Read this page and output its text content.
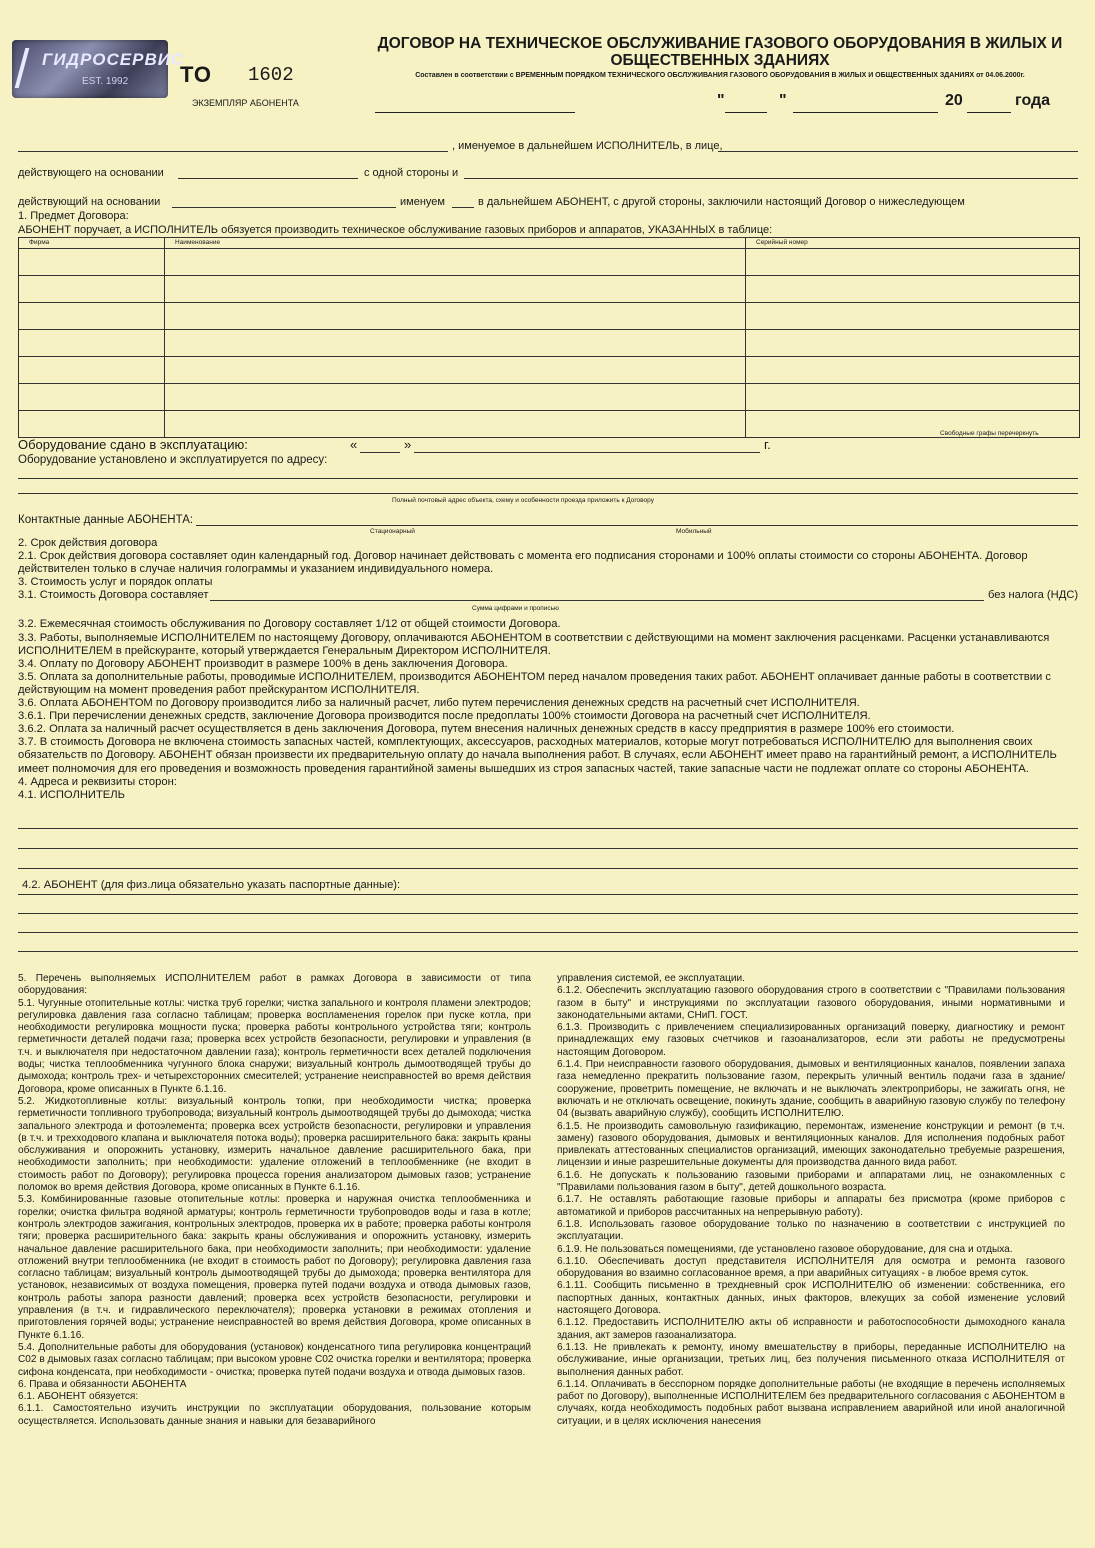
ГИДРОСЕРВИС
EST. 1992 ТО 1602
ЭКЗЕМПЛЯР АБОНЕНТА
ДОГОВОР НА ТЕХНИЧЕСКОЕ ОБСЛУЖИВАНИЕ ГАЗОВОГО ОБОРУДОВАНИЯ В ЖИЛЫХ И ОБЩЕСТВЕННЫХ ЗДАНИЯХ
Составлен в соответствии с ВРЕМЕННЫМ ПОРЯДКОМ ТЕХНИЧЕСКОГО ОБСЛУЖИВАНИЯ ГАЗОВОГО ОБОРУДОВАНИЯ В ЖИЛЫХ И ОБЩЕСТВЕННЫХ ЗДАНИЯХ от 04.06.2000г.
"	"	20	года
, именуемое в дальнейшем ИСПОЛНИТЕЛЬ, в лице,
действующего на основании	с одной стороны и
действующий на основании	именуем	в дальнейшем АБОНЕНТ, с другой стороны, заключили настоящий Договор о нижеследующем
1. Предмет Договора:
АБОНЕНТ поручает, а ИСПОЛНИТЕЛЬ обязуется производить техническое обслуживание газовых приборов и аппаратов, УКАЗАННЫХ в таблице:
Фирма	Наименование	Серийный номер

Свободные графы перечеркнуть
Оборудование сдано в эксплуатацию:	«	»	г.
Оборудование установлено и эксплуатируется по адресу:
Полный почтовый адрес объекта, схему и особенности проезда приложить к Договору
Контактные данные АБОНЕНТА:
Стационарный	Мобильный
2. Срок действия договора
2.1. Срок действия договора составляет один календарный год. Договор начинает действовать с момента его подписания сторонами и 100% оплаты стоимости со стороны АБОНЕНТА. Договор действителен только в случае наличия голограммы и указанием индивидуального номера.
3. Стоимость услуг и порядок оплаты
3.1. Стоимость Договора составляет	без налога (НДС)
Сумма цифрами и прописью
3.2. Ежемесячная стоимость обслуживания по Договору составляет 1/12 от общей стоимости Договора.
3.3. Работы, выполняемые ИСПОЛНИТЕЛЕМ по настоящему Договору, оплачиваются АБОНЕНТОМ в соответствии с действующими на момент заключения расценками. Расценки устанавливаются ИСПОЛНИТЕЛЕМ в прейскуранте, который утверждается Генеральным Директором ИСПОЛНИТЕЛЯ.
3.4. Оплату по Договору АБОНЕНТ производит в размере 100% в день заключения Договора.
3.5. Оплата за дополнительные работы, проводимые ИСПОЛНИТЕЛЕМ, производится АБОНЕНТОМ перед началом проведения таких работ. АБОНЕНТ оплачивает данные работы в соответствии с действующим на момент проведения работ прейскурантом ИСПОЛНИТЕЛЯ.
3.6. Оплата АБОНЕНТОМ по Договору производится либо за наличный расчет, либо путем перечисления денежных средств на расчетный счет ИСПОЛНИТЕЛЯ.
3.6.1. При перечислении денежных средств, заключение Договора производится после предоплаты 100% стоимости Договора на расчетный счет ИСПОЛНИТЕЛЯ.
3.6.2. Оплата за наличный расчет осуществляется в день заключения Договора, путем внесения наличных денежных средств в кассу предприятия в размере 100% его стоимости.
3.7. В стоимость Договора не включена стоимость запасных частей, комплектующих, аксессуаров, расходных материалов, которые могут потребоваться ИСПОЛНИТЕЛЮ для выполнения своих обязательств по Договору. АБОНЕНТ обязан произвести их предварительную оплату до начала выполнения работ. В случаях, если АБОНЕНТ имеет право на гарантийный ремонт, а ИСПОЛНИТЕЛЬ имеет полномочия для его проведения и возможность проведения гарантийной замены вышедших из строя запасных частей, такие запасные части не подлежат оплате со стороны АБОНЕНТА.
4. Адреса и реквизиты сторон:
4.1. ИСПОЛНИТЕЛЬ
4.2. АБОНЕНТ (для физ.лица обязательно указать паспортные данные):

5. Перечень выполняемых ИСПОЛНИТЕЛЕМ работ в рамках Договора в зависимости от типа оборудования:

5.1. Чугунные отопительные котлы: чистка труб горелки; чистка запального и контроля пламени электродов; регулировка давления газа согласно таблицам; проверка воспламенения горелок при пуске котла, при необходимости регулировка мощности пуска; проверка работы контрольного устройства тяги; контроль герметичности деталей подачи газа; проверка всех устройств безопасности, регулировки и управления (в т.ч. и выключателя при недостаточном давлении газа); контроль герметичности всех деталей подключения воды; чистка теплообменника чугунного блока снаружи; визуальный контроль дымоотводящей трубы до дымохода; контроль трех- и четырехсторонних смесителей; устранение неисправностей во время действия Договора, кроме описанных в Пункте 6.1.16.

5.2. Жидкотопливные котлы: визуальный контроль топки, при необходимости чистка; проверка герметичности топливного трубопровода; визуальный контроль дымоотводящей трубы до дымохода; чистка запального электрода и фотоэлемента; проверка всех устройств безопасности, регулировки и управления (в т.ч. и трехходового клапана и выключателя потока воды); проверка расширительного бака: закрыть краны обслуживания и опорожнить установку, измерить начальное давление расширительного бака, при необходимости заполнить; при необходимости: удаление отложений в теплообменнике (не входит в стоимость работ по Договору); регулировка процесса горения анализатором дымовых газов; устранение поломок во время действия Договора, кроме описанных в Пункте 6.1.16.

5.3. Комбинированные газовые отопительные котлы: проверка и наружная очистка теплообменника и горелки; очистка фильтра водяной арматуры; контроль герметичности трубопроводов воды и газа в котле; контроль электродов зажигания, контрольных электродов, проверка их в работе; проверка работы контроля тяги; проверка расширительного бака: закрыть краны обслуживания и опорожнить установку, измерить начальное давление расширительного бака, при необходимости заполнить; при необходимости: удаление отложений внутри теплообменника (не входит в стоимость работ по Договору); регулировка давления газа согласно таблицам; визуальный контроль дымоотводящей трубы до дымохода; проверка вентилятора для установок, независимых от воздуха помещения, проверка путей подачи воздуха и отвода дымовых газов, контроль работы запора разности давлений; проверка всех устройств безопасности, регулировки и управления (в т.ч. и гидравлического переключателя); проверка установки в режимах отопления и приготовления горячей воды; устранение неисправностей во время действия Договора, кроме описанных в Пункте 6.1.16.

5.4. Дополнительные работы для оборудования (установок) конденсатного типа регулировка концентраций С02 в дымовых газах согласно таблицам; при высоком уровне С02 очистка горелки и вентилятора; проверка сифона конденсата, при необходимости - очистка; проверка путей подачи воздуха и отвода дымовых газов.

6. Права и обязанности АБОНЕНТА

6.1. АБОНЕНТ обязуется:

6.1.1. Самостоятельно изучить инструкции по эксплуатации оборудования, пользование которым осуществляется. Использовать данные знания и навыки для безаварийного

управления системой, ее эксплуатации.

6.1.2. Обеспечить эксплуатацию газового оборудования строго в соответствии с "Правилами пользования газом в быту" и инструкциями по эксплуатации газового оборудования, иными нормативными и законодательными актами, СНиП. ГОСТ.

6.1.3. Производить с привлечением специализированных организаций поверку, диагностику и ремонт принадлежащих ему газовых счетчиков и газоанализаторов, если эти работы не предусмотрены настоящим Договором.

6.1.4. При неисправности газового оборудования, дымовых и вентиляционных каналов, появлении запаха газа немедленно прекратить пользование газом, перекрыть уличный вентиль подачи газа в здание/сооружение, проветрить помещение, не включать и не выключать электроприборы, не зажигать огня, не включать и не отключать освещение, покинуть здание, сообщить в аварийную газовую службу по телефону 04 (вызвать аварийную службу), сообщить ИСПОЛНИТЕЛЮ.

6.1.5. Не производить самовольную газификацию, перемонтаж, изменение конструкции и ремонт (в т.ч. замену) газового оборудования, дымовых и вентиляционных каналов. Для исполнения подобных работ привлекать аттестованных специалистов организаций, имеющих законодательно требуемые разрешения, лицензии и иные разрешительные документы для производства данного вида работ.

6.1.6. Не допускать к пользованию газовыми приборами и аппаратами лиц, не ознакомленных с "Правилами пользования газом в быту", детей дошкольного возраста.

6.1.7. Не оставлять работающие газовые приборы и аппараты без присмотра (кроме приборов с автоматикой и приборов рассчитанных на непрерывную работу).

6.1.8. Использовать газовое оборудование только по назначению в соответствии с инструкцией по эксплуатации.

6.1.9. Не пользоваться помещениями, где установлено газовое оборудование, для сна и отдыха.

6.1.10. Обеспечивать доступ представителя ИСПОЛНИТЕЛЯ для осмотра и ремонта газового оборудования во взаимно согласованное время, а при аварийных ситуациях - в любое время суток.

6.1.11. Сообщить письменно в трехдневный срок ИСПОЛНИТЕЛЮ об изменении: собственника, его паспортных данных, контактных данных, иных факторов, влекущих за собой изменение условий настоящего Договора.

6.1.12. Предоставить ИСПОЛНИТЕЛЮ акты об исправности и работоспособности дымоходного канала здания, акт замеров газоанализатора.

6.1.13. Не привлекать к ремонту, иному вмешательству в приборы, переданные ИСПОЛНИТЕЛЮ на обслуживание, иные организации, третьих лиц, без получения письменного отказа ИСПОЛНИТЕЛЯ от выполнения данных работ.

6.1.14. Оплачивать в бесспорном порядке дополнительные работы (не входящие в перечень исполняемых работ по Договору), выполненные ИСПОЛНИТЕЛЕМ без предварительного согласования с АБОНЕНТОМ в случаях, когда необходимость подобных работ вызвана исправлением аварийной или иной аналогичной ситуации, и в целях исключения нанесения
